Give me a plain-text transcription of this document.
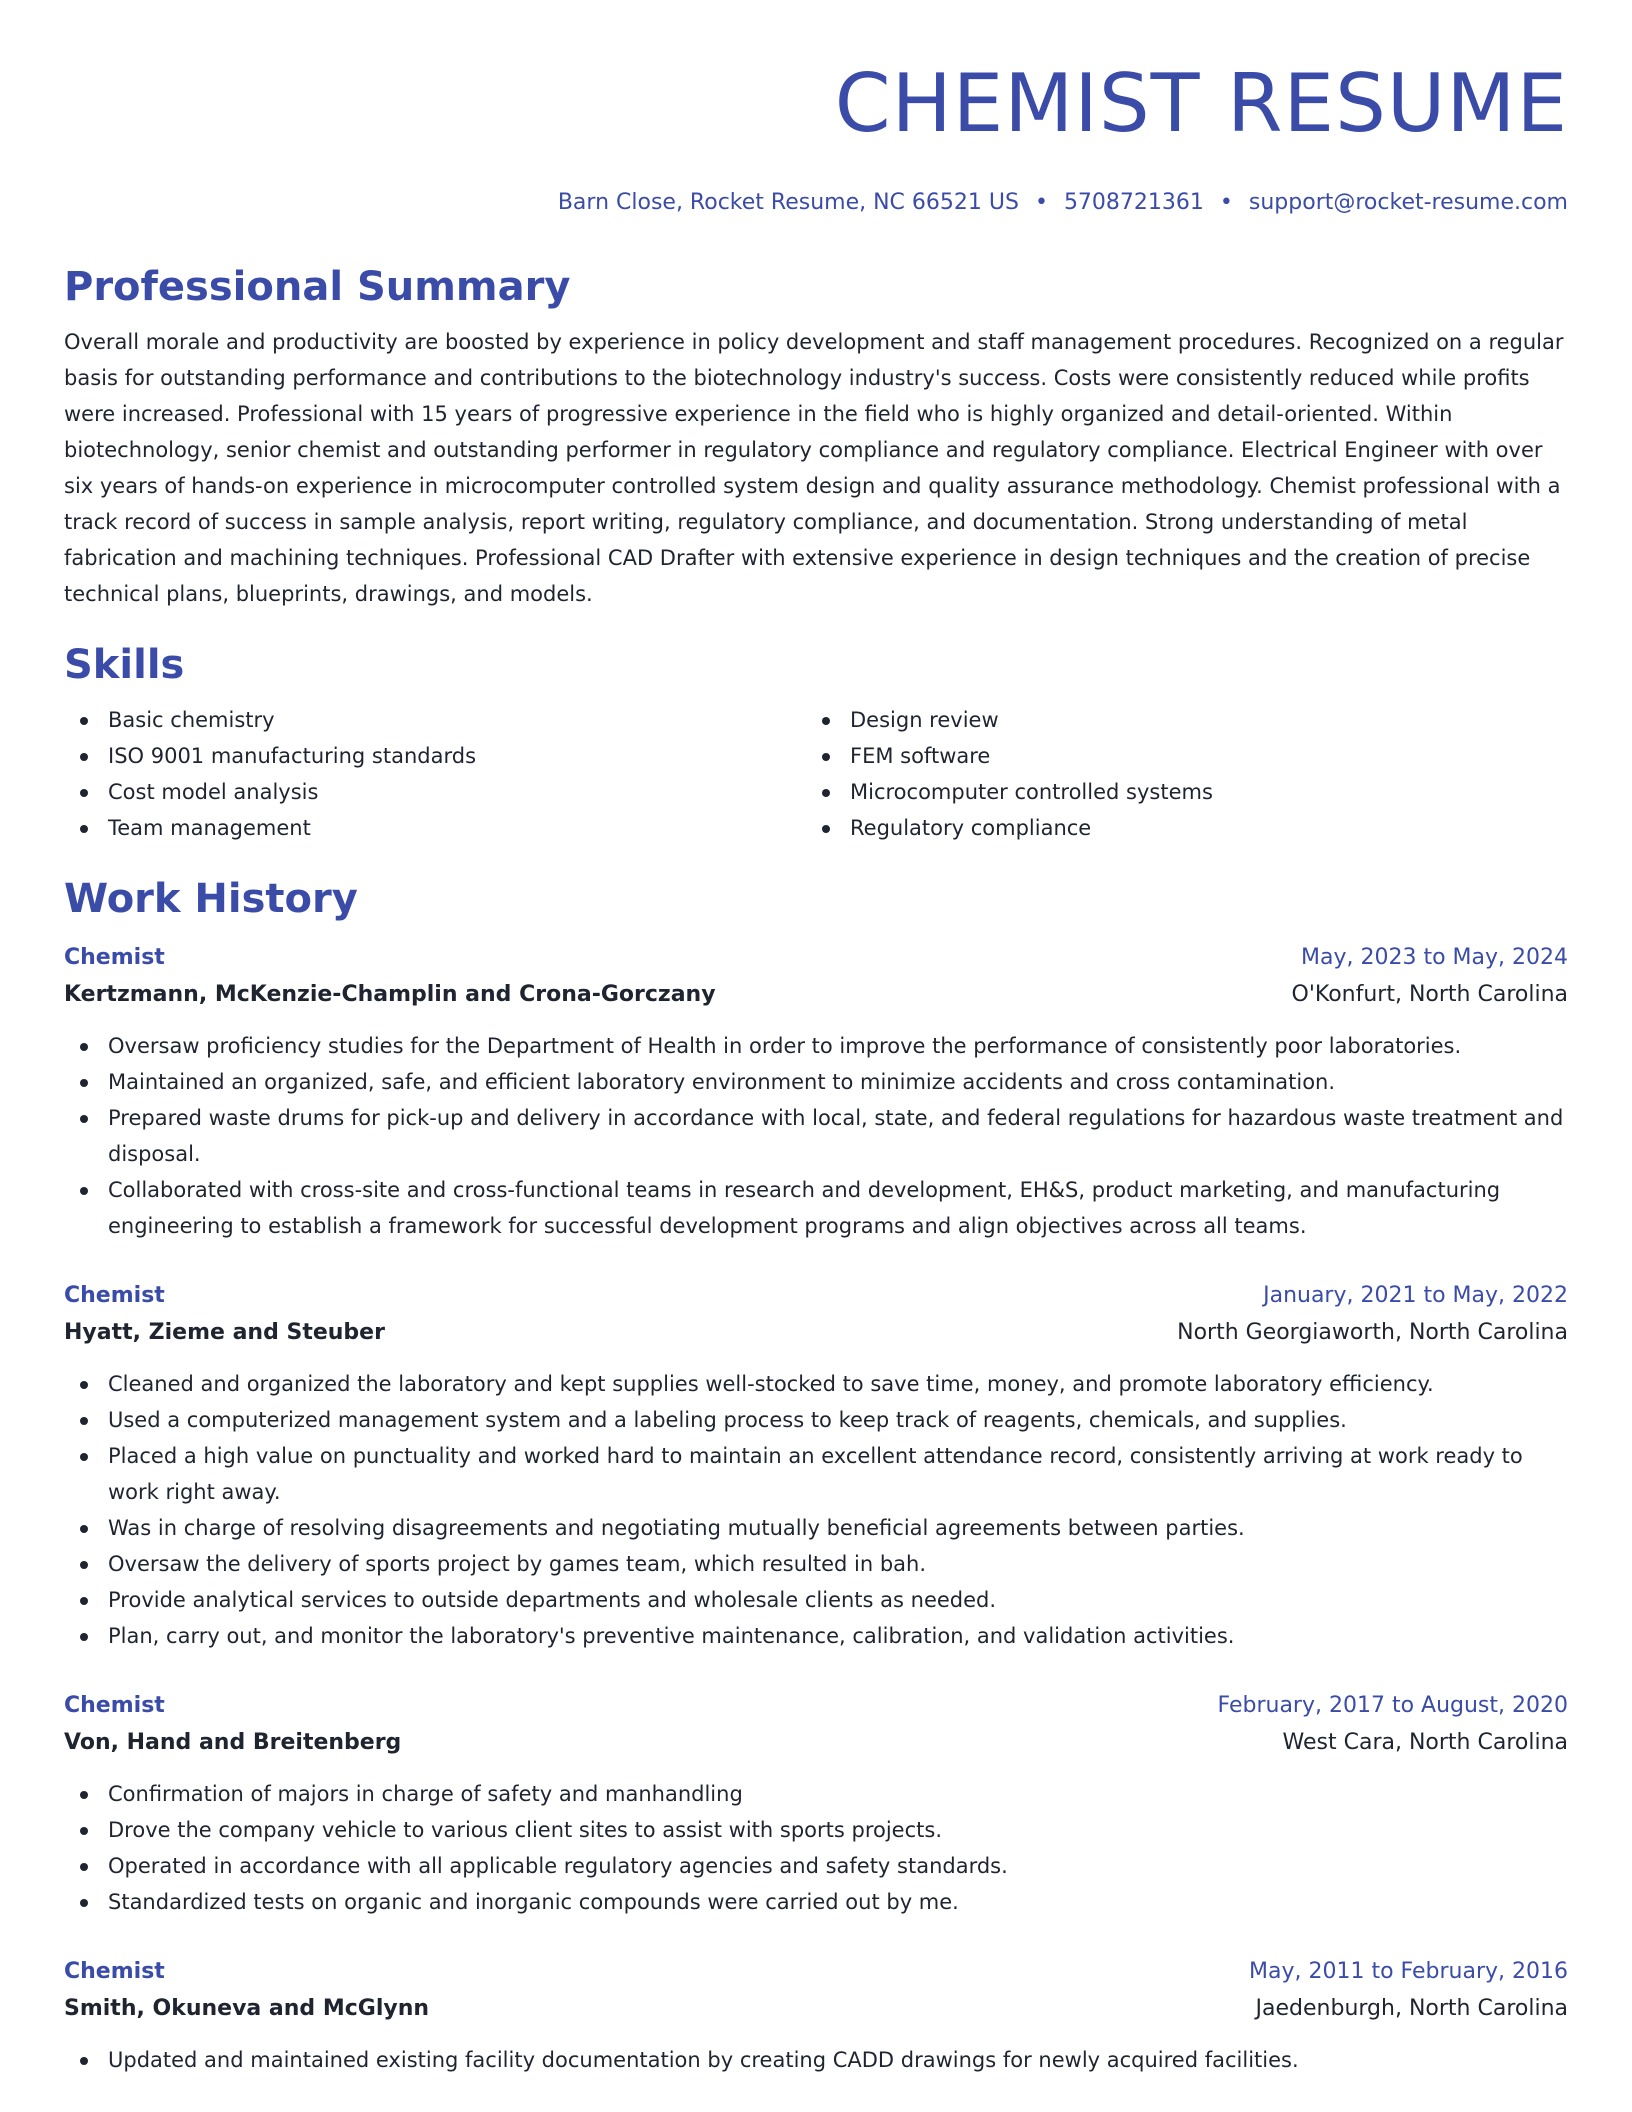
CHEMIST RESUME
Barn Close, Rocket Resume, NC 66521 US • 5708721361 • support@rocket-resume.com
Professional Summary
Overall morale and productivity are boosted by experience in policy development and staff management procedures. Recognized on a regular basis for outstanding performance and contributions to the biotechnology industry's success. Costs were consistently reduced while profits were increased. Professional with 15 years of progressive experience in the field who is highly organized and detail-oriented. Within biotechnology, senior chemist and outstanding performer in regulatory compliance and regulatory compliance. Electrical Engineer with over six years of hands-on experience in microcomputer controlled system design and quality assurance methodology. Chemist professional with a track record of success in sample analysis, report writing, regulatory compliance, and documentation. Strong understanding of metal fabrication and machining techniques. Professional CAD Drafter with extensive experience in design techniques and the creation of precise technical plans, blueprints, drawings, and models.
Skills
Basic chemistry
ISO 9001 manufacturing standards
Cost model analysis
Team management
Design review
FEM software
Microcomputer controlled systems
Regulatory compliance
Work History
Chemist	May, 2023 to May, 2024
Kertzmann, McKenzie-Champlin and Crona-Gorczany	O'Konfurt, North Carolina
Oversaw proficiency studies for the Department of Health in order to improve the performance of consistently poor laboratories.
Maintained an organized, safe, and efficient laboratory environment to minimize accidents and cross contamination.
Prepared waste drums for pick-up and delivery in accordance with local, state, and federal regulations for hazardous waste treatment and disposal.
Collaborated with cross-site and cross-functional teams in research and development, EH&S, product marketing, and manufacturing engineering to establish a framework for successful development programs and align objectives across all teams.
Chemist	January, 2021 to May, 2022
Hyatt, Zieme and Steuber	North Georgiaworth, North Carolina
Cleaned and organized the laboratory and kept supplies well-stocked to save time, money, and promote laboratory efficiency.
Used a computerized management system and a labeling process to keep track of reagents, chemicals, and supplies.
Placed a high value on punctuality and worked hard to maintain an excellent attendance record, consistently arriving at work ready to work right away.
Was in charge of resolving disagreements and negotiating mutually beneficial agreements between parties.
Oversaw the delivery of sports project by games team, which resulted in bah.
Provide analytical services to outside departments and wholesale clients as needed.
Plan, carry out, and monitor the laboratory's preventive maintenance, calibration, and validation activities.
Chemist	February, 2017 to August, 2020
Von, Hand and Breitenberg	West Cara, North Carolina
Confirmation of majors in charge of safety and manhandling
Drove the company vehicle to various client sites to assist with sports projects.
Operated in accordance with all applicable regulatory agencies and safety standards.
Standardized tests on organic and inorganic compounds were carried out by me.
Chemist	May, 2011 to February, 2016
Smith, Okuneva and McGlynn	Jaedenburgh, North Carolina
Updated and maintained existing facility documentation by creating CADD drawings for newly acquired facilities.
